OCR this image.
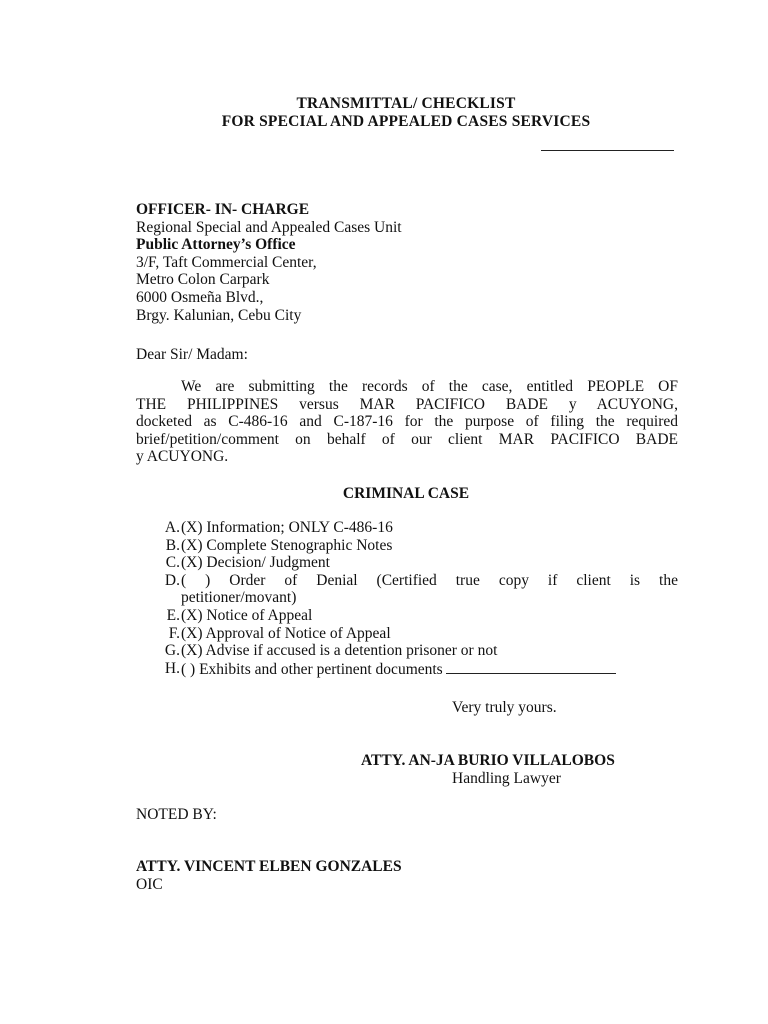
TRANSMITTAL/ CHECKLIST
FOR SPECIAL AND APPEALED CASES SERVICES
OFFICER- IN- CHARGE
Regional Special and Appealed Cases Unit
Public Attorney’s Office
3/F, Taft Commercial Center,
Metro Colon Carpark
6000 Osmeña Blvd.,
Brgy. Kalunian, Cebu City
Dear Sir/ Madam:
We are submitting the records of the case, entitled PEOPLE OF
THE PHILIPPINES versus MAR PACIFICO BADE y ACUYONG,
docketed as C-486-16 and C-187-16 for the purpose of filing the required
brief/petition/comment on behalf of our client MAR PACIFICO BADE
y ACUYONG.
CRIMINAL CASE
A. (X) Information; ONLY C-486-16
B. (X) Complete Stenographic Notes
C. (X) Decision/ Judgment
D. ( ) Order of Denial (Certified true copy if client is the
petitioner/movant)
E. (X) Notice of Appeal
F. (X) Approval of Notice of Appeal
G. (X) Advise if accused is a detention prisoner or not
H. ( ) Exhibits and other pertinent documents
Very truly yours.
ATTY. AN-JA BURIO VILLALOBOS
Handling Lawyer
NOTED BY:
ATTY. VINCENT ELBEN GONZALES
OIC
